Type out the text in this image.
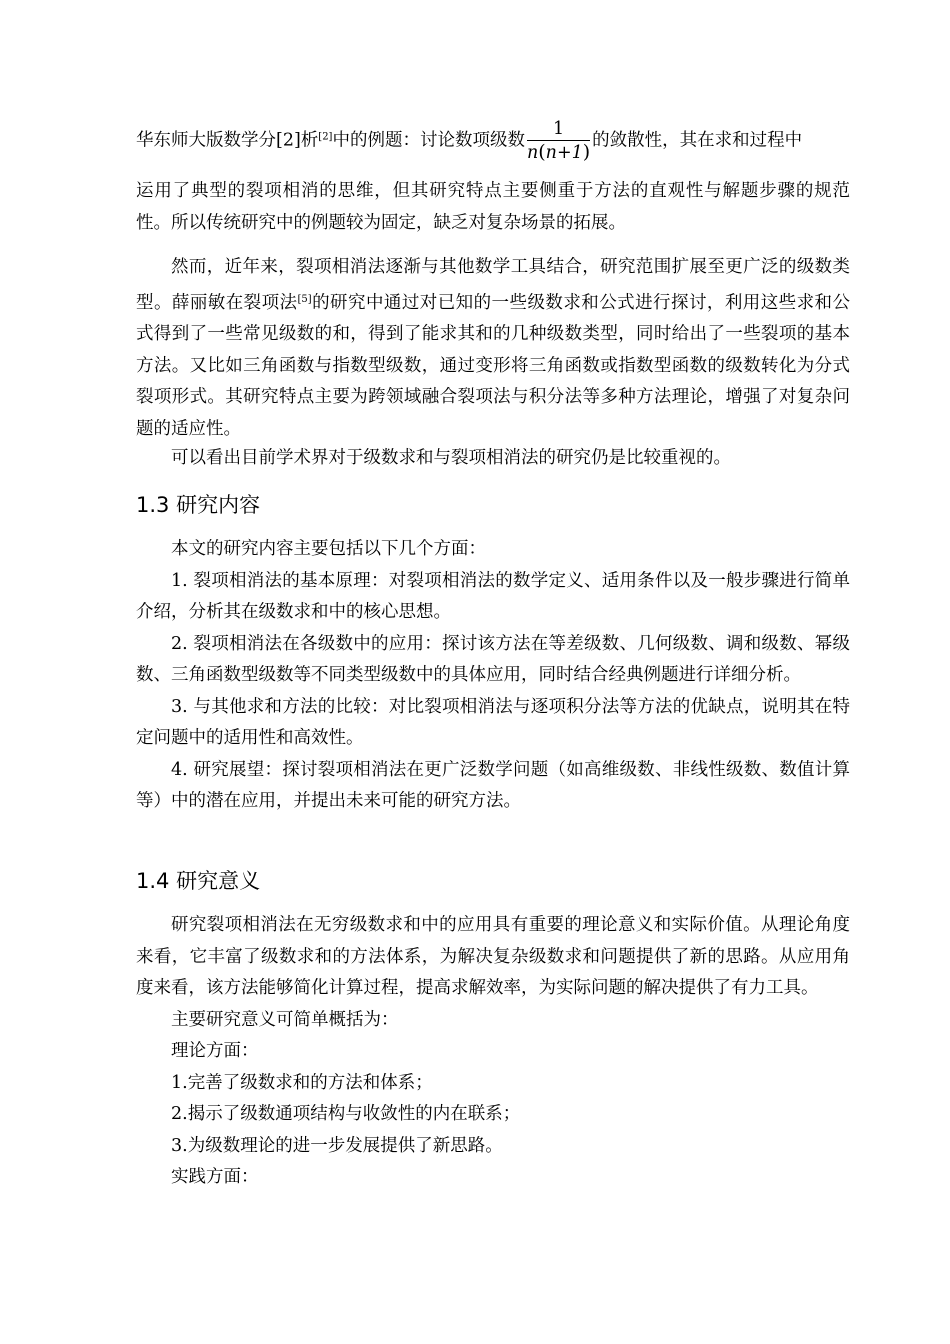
华东师大版数学分[2]析[2]中的例题：讨论数项级数 $\frac{1}{n(n+1)}$ 的敛散性，其在求和过程中

运用了典型的裂项相消的思维，但其研究特点主要侧重于方法的直观性与解题步骤的规范性。所以传统研究中的例题较为固定，缺乏对复杂场景的拓展。

然而，近年来，裂项相消法逐渐与其他数学工具结合，研究范围扩展至更广泛的级数类型。薛丽敏在裂项法[5]的研究中通过对已知的一些级数求和公式进行探讨，利用这些求和公式得到了一些常见级数的和，得到了能求其和的几种级数类型，同时给出了一些裂项的基本方法。又比如三角函数与指数型级数，通过变形将三角函数或指数型函数的级数转化为分式裂项形式。其研究特点主要为跨领域融合裂项法与积分法等多种方法理论，增强了对复杂问题的适应性。

可以看出目前学术界对于级数求和与裂项相消法的研究仍是比较重视的。

1.3 研究内容

本文的研究内容主要包括以下几个方面：

1. 裂项相消法的基本原理：对裂项相消法的数学定义、适用条件以及一般步骤进行简单介绍，分析其在级数求和中的核心思想。

2. 裂项相消法在各级数中的应用：探讨该方法在等差级数、几何级数、调和级数、幂级数、三角函数型级数等不同类型级数中的具体应用，同时结合经典例题进行详细分析。

3. 与其他求和方法的比较：对比裂项相消法与逐项积分法等方法的优缺点，说明其在特定问题中的适用性和高效性。

4. 研究展望：探讨裂项相消法在更广泛数学问题（如高维级数、非线性级数、数值计算等）中的潜在应用，并提出未来可能的研究方法。

1.4 研究意义

研究裂项相消法在无穷级数求和中的应用具有重要的理论意义和实际价值。从理论角度来看，它丰富了级数求和的方法体系，为解决复杂级数求和问题提供了新的思路。从应用角度来看，该方法能够简化计算过程，提高求解效率，为实际问题的解决提供了有力工具。

主要研究意义可简单概括为：

理论方面：

1.完善了级数求和的方法和体系；

2.揭示了级数通项结构与收敛性的内在联系；

3.为级数理论的进一步发展提供了新思路。

实践方面：
